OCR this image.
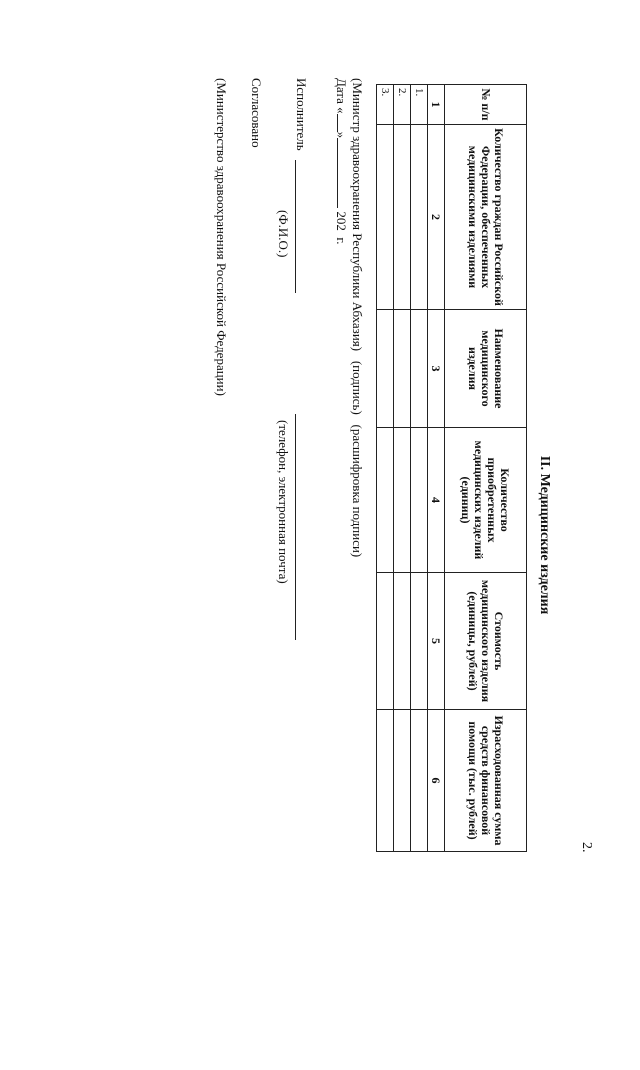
2.
II. Медицинские изделия
№ п/п	Количество граждан Российской Федерации, обеспеченных медицинскими изделиями	Наименование медицинского изделия	Количество приобретенных медицинских изделий (единиц)	Стоимость медицинского изделия (единицы, рублей)	Израсходованная сумма средств финансовой помощи (тыс. рублей)
1	2	3	4	5	6
1.					
2.					
3.					
(Министр здравоохранения Республики Абхазия)   (подпись)   (расшифровка подписи)
Дата «» 202  г.
Исполнитель
(Ф.И.О.)
(телефон, электронная почта)
Согласовано
(Министерство здравоохранения Российской Федерации)
